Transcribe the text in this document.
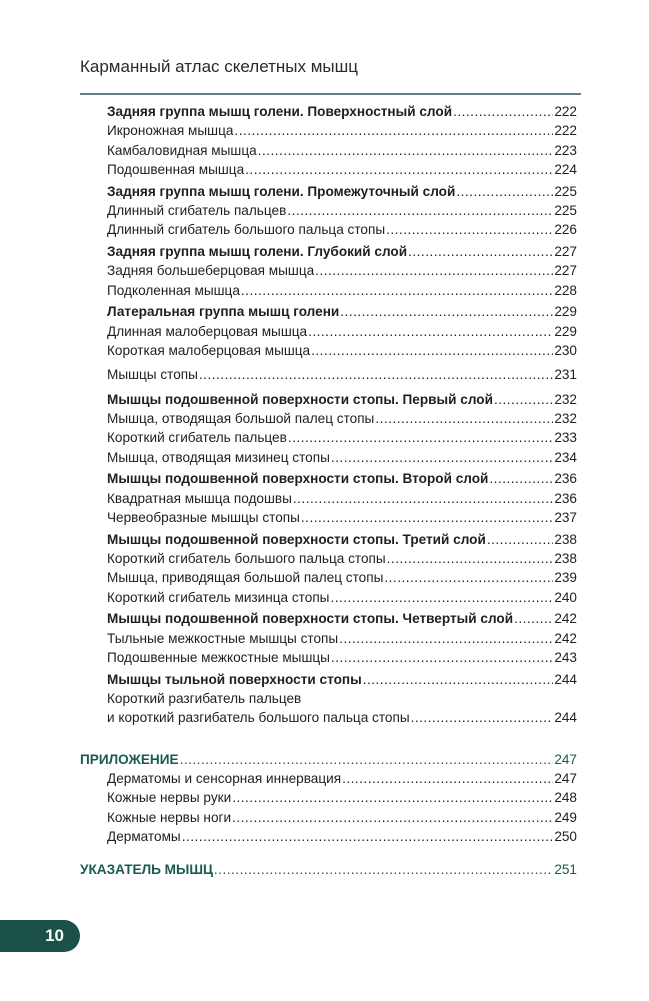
Карманный атлас скелетных мышц
Задняя группа мышц голени. Поверхностный слой .....	222
Икроножная мышца .....	222
Камбаловидная мышца .....	223
Подошвенная мышца .....	224
Задняя группа мышц голени. Промежуточный слой .....	225
Длинный сгибатель пальцев .....	225
Длинный сгибатель большого пальца стопы .....	226
Задняя группа мышц голени. Глубокий слой .....	227
Задняя большеберцовая мышца .....	227
Подколенная мышца .....	228
Латеральная группа мышц голени .....	229
Длинная малоберцовая мышца .....	229
Короткая малоберцовая мышца .....	230
Мышцы стопы .....	231
Мышцы подошвенной поверхности стопы. Первый слой .....	232
Мышца, отводящая большой палец стопы .....	232
Короткий сгибатель пальцев .....	233
Мышца, отводящая мизинец стопы .....	234
Мышцы подошвенной поверхности стопы. Второй слой .....	236
Квадратная мышца подошвы .....	236
Червеобразные мышцы стопы .....	237
Мышцы подошвенной поверхности стопы. Третий слой .....	238
Короткий сгибатель большого пальца стопы .....	238
Мышца, приводящая большой палец стопы .....	239
Короткий сгибатель мизинца стопы .....	240
Мышцы подошвенной поверхности стопы. Четвертый слой .....	242
Тыльные межкостные мышцы стопы .....	242
Подошвенные межкостные мышцы .....	243
Мышцы тыльной поверхности стопы .....	244
Короткий разгибатель пальцев
и короткий разгибатель большого пальца стопы .....	244
ПРИЛОЖЕНИЕ .....	247
Дерматомы и сенсорная иннервация .....	247
Кожные нервы руки .....	248
Кожные нервы ноги .....	249
Дерматомы .....	250
УКАЗАТЕЛЬ МЫШЦ .....	251
10
